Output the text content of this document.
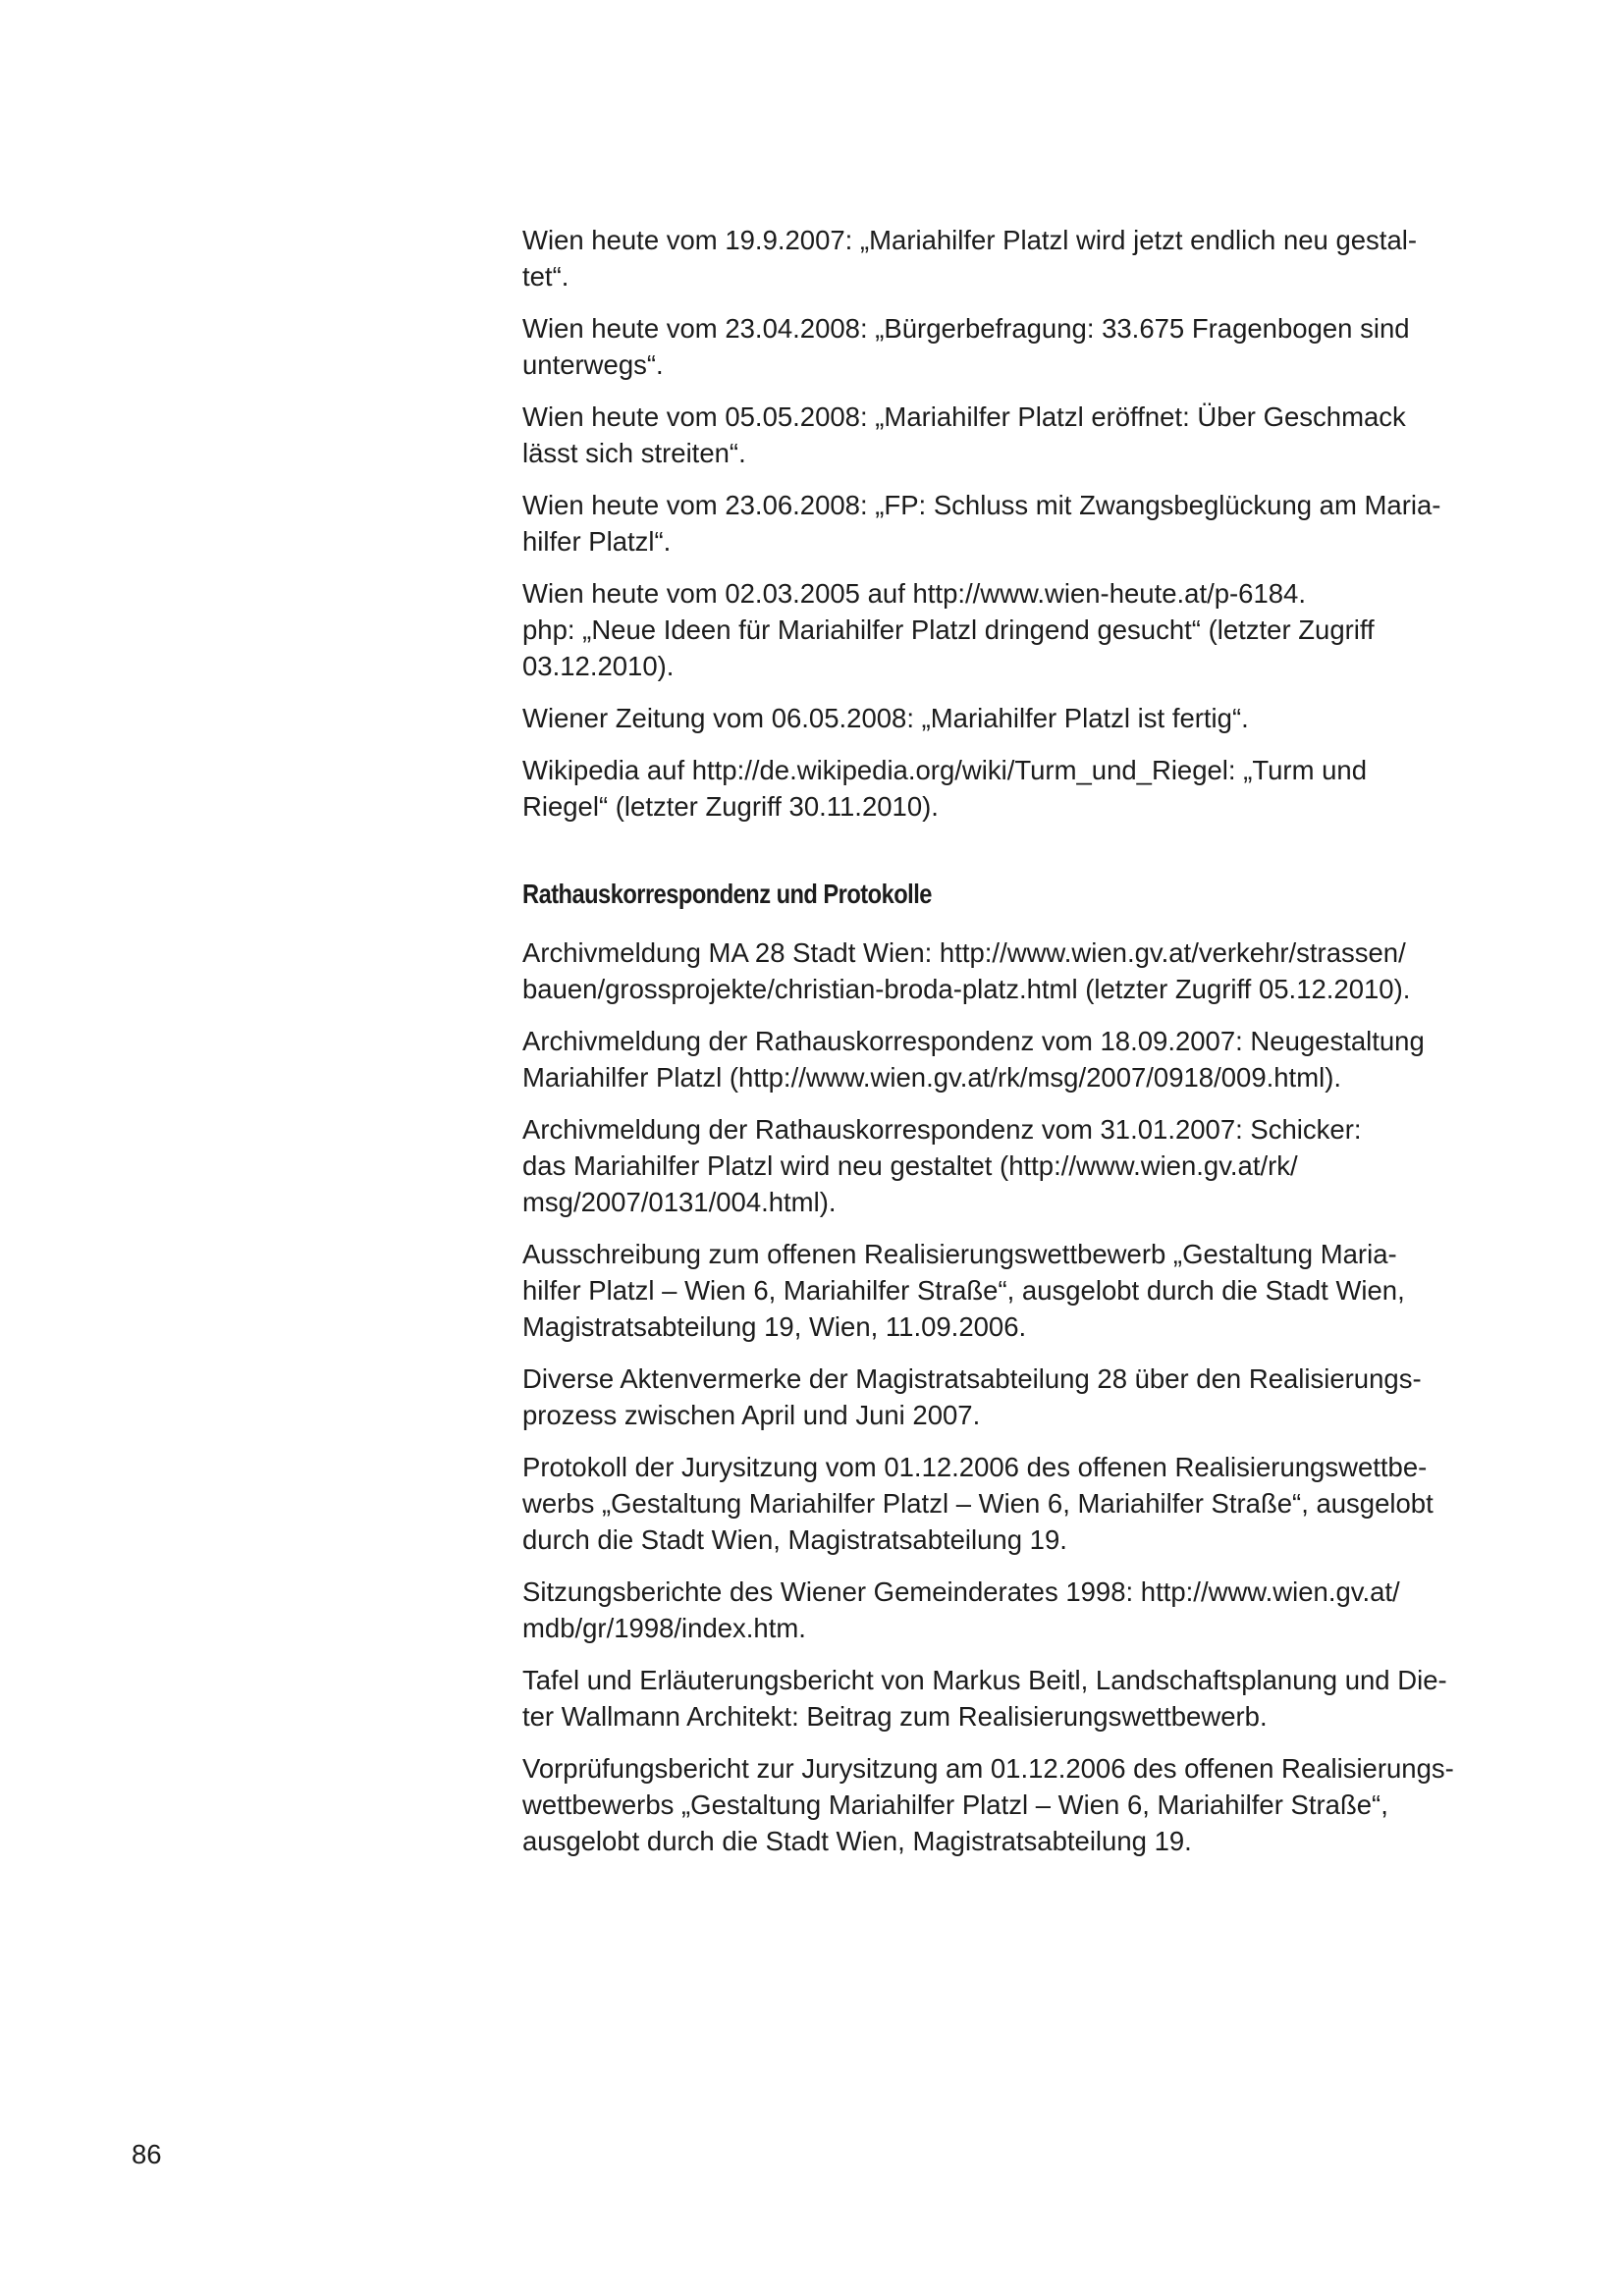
Wien heute vom 19.9.2007: „Mariahilfer Platzl wird jetzt endlich neu gestal-
tet“.

Wien heute vom 23.04.2008: „Bürgerbefragung: 33.675 Fragenbogen sind
unterwegs“.

Wien heute vom 05.05.2008: „Mariahilfer Platzl eröffnet: Über Geschmack
lässt sich streiten“.

Wien heute vom 23.06.2008: „FP: Schluss mit Zwangsbeglückung am Maria-
hilfer Platzl“.

Wien heute vom 02.03.2005 auf http://www.wien-heute.at/p-6184.
php: „Neue Ideen für Mariahilfer Platzl dringend gesucht“ (letzter Zugriff
03.12.2010).

Wiener Zeitung vom 06.05.2008: „Mariahilfer Platzl ist fertig“.

Wikipedia auf http://de.wikipedia.org/wiki/Turm_und_Riegel: „Turm und
Riegel“ (letzter Zugriff 30.11.2010).

Rathauskorrespondenz und Protokolle

Archivmeldung MA 28 Stadt Wien: http://www.wien.gv.at/verkehr/strassen/
bauen/grossprojekte/christian-broda-platz.html (letzter Zugriff 05.12.2010).

Archivmeldung der Rathauskorrespondenz vom 18.09.2007: Neugestaltung
Mariahilfer Platzl (http://www.wien.gv.at/rk/msg/2007/0918/009.html).

Archivmeldung der Rathauskorrespondenz vom 31.01.2007: Schicker:
das Mariahilfer Platzl wird neu gestaltet (http://www.wien.gv.at/rk/
msg/2007/0131/004.html).

Ausschreibung zum offenen Realisierungswettbewerb „Gestaltung Maria-
hilfer Platzl – Wien 6, Mariahilfer Straße“, ausgelobt durch die Stadt Wien,
Magistratsabteilung 19, Wien, 11.09.2006.

Diverse Aktenvermerke der Magistratsabteilung 28 über den Realisierungs-
prozess zwischen April und Juni 2007.

Protokoll der Jurysitzung vom 01.12.2006 des offenen Realisierungswettbe-
werbs „Gestaltung Mariahilfer Platzl – Wien 6, Mariahilfer Straße“, ausgelobt
durch die Stadt Wien, Magistratsabteilung 19.

Sitzungsberichte des Wiener Gemeinderates 1998: http://www.wien.gv.at/
mdb/gr/1998/index.htm.

Tafel und Erläuterungsbericht von Markus Beitl, Landschaftsplanung und Die-
ter Wallmann Architekt: Beitrag zum Realisierungswettbewerb.

Vorprüfungsbericht zur Jurysitzung am 01.12.2006 des offenen Realisierungs-
wettbewerbs „Gestaltung Mariahilfer Platzl – Wien 6, Mariahilfer Straße“,
ausgelobt durch die Stadt Wien, Magistratsabteilung 19.

86
